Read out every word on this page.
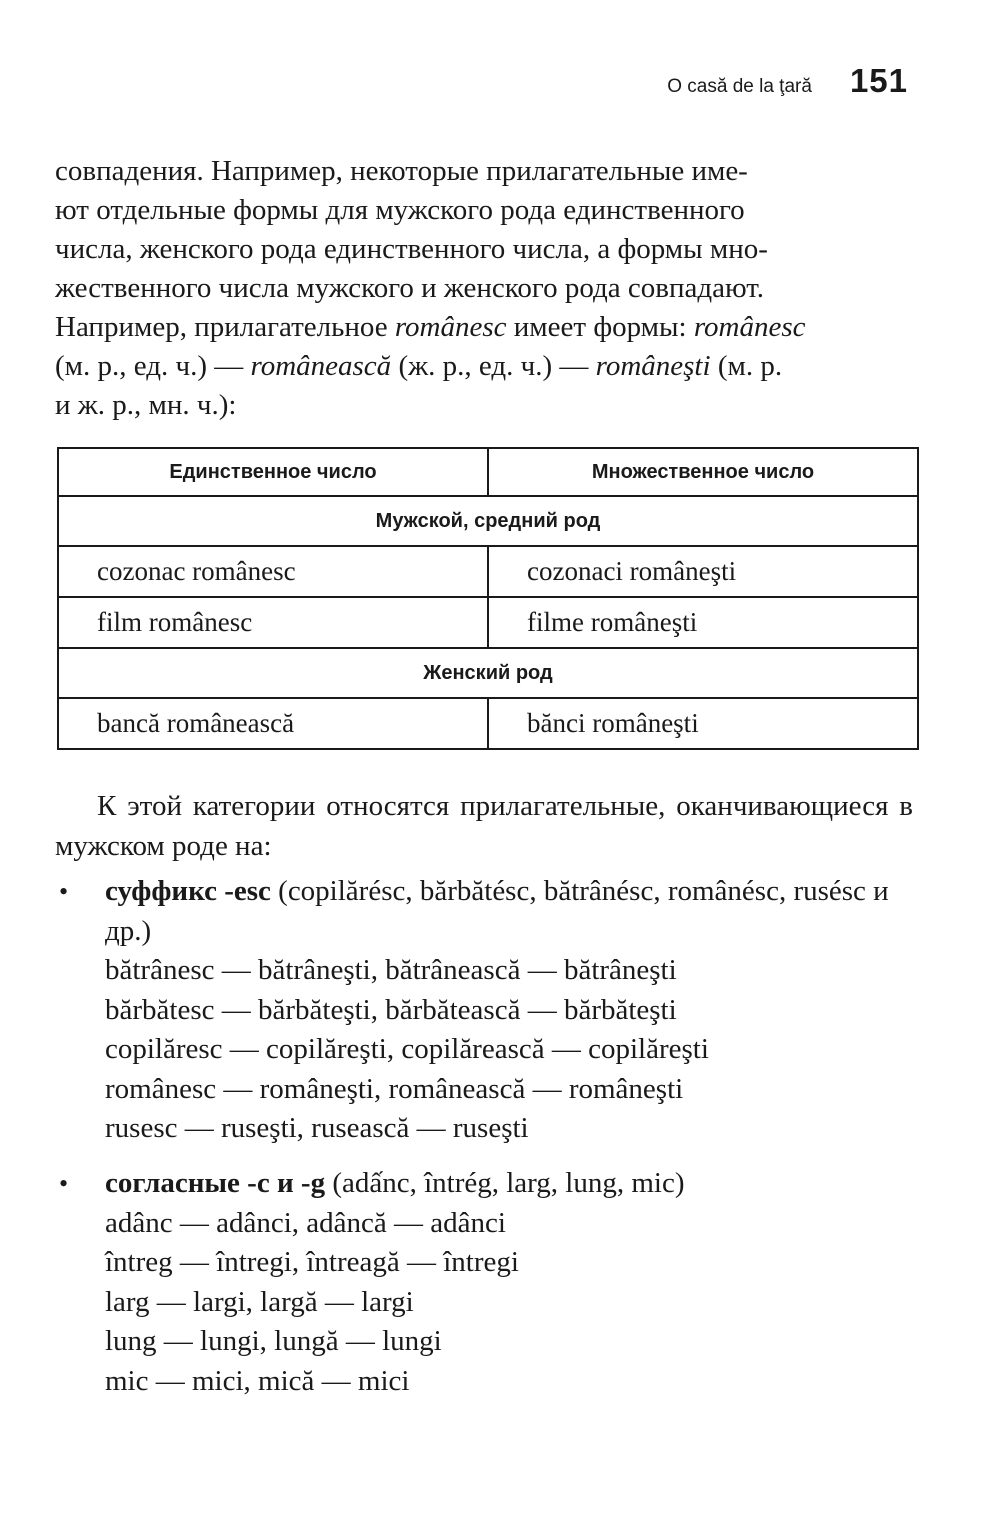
O casă de la ţară 151
совпадения. Например, некоторые прилагательные име-
ют отдельные формы для мужского рода единственного
числа, женского рода единственного числа, а формы мно-
жественного числа мужского и женского рода совпадают.
Например, прилагательное românesc имеет формы: românesc
(м. р., ед. ч.) — românească (ж. р., ед. ч.) — româneşti (м. р.
и ж. р., мн. ч.):
Единственное число	Множественное число
Мужской, средний род	
cozonac românesc	cozonaci româneşti
film românesc	filme româneşti
Женский род	
bancă românească	bănci româneşti
К этой категории относятся прилагательные, оканчивающиеся в мужском роде на:
•	суффикс -esc (copilărésc, bărbătésc, bătrânésc, românésc, rusésc и др.)
bătrânesc — bătrâneşti, bătrânească — bătrâneşti
bărbătesc — bărbăteşti, bărbătească — bărbăteşti
copilăresc — copilăreşti, copilărească — copilăreşti
românesc — româneşti, românească — româneşti
rusesc — ruseşti, rusească — ruseşti
•	согласные -с и -g (adấnc, întrég, larg, lung, mic)
adânc — adânci, adâncă — adânci
întreg — întregi, întreagă — întregi
larg — largi, largă — largi
lung — lungi, lungă — lungi
mic — mici, mică — mici
